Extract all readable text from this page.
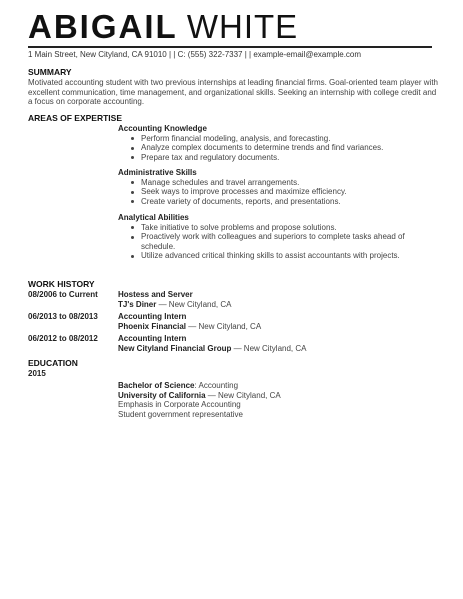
ABIGAIL WHITE
1 Main Street, New Cityland, CA 91010 | | C: (555) 322-7337 | | example-email@example.com
SUMMARY
Motivated accounting student with two previous internships at leading financial firms. Goal-oriented team player with excellent communication, time management, and organizational skills. Seeking an internship with college credit and a focus on corporate accounting.
AREAS OF EXPERTISE
Accounting Knowledge
Perform financial modeling, analysis, and forecasting.
Analyze complex documents to determine trends and find variances.
Prepare tax and regulatory documents.
Administrative Skills
Manage schedules and travel arrangements.
Seek ways to improve processes and maximize efficiency.
Create variety of documents, reports, and presentations.
Analytical Abilities
Take initiative to solve problems and propose solutions.
Proactively work with colleagues and superiors to complete tasks ahead of schedule.
Utilize advanced critical thinking skills to assist accountants with projects.
WORK HISTORY
08/2006 to Current	Hostess and Server
TJ's Diner — New Cityland, CA
06/2013 to 08/2013	Accounting Intern
Phoenix Financial — New Cityland, CA
06/2012 to 08/2012	Accounting Intern
New Cityland Financial Group — New Cityland, CA
EDUCATION
2015
Bachelor of Science: Accounting
University of California — New Cityland, CA
Emphasis in Corporate Accounting
Student government representative
